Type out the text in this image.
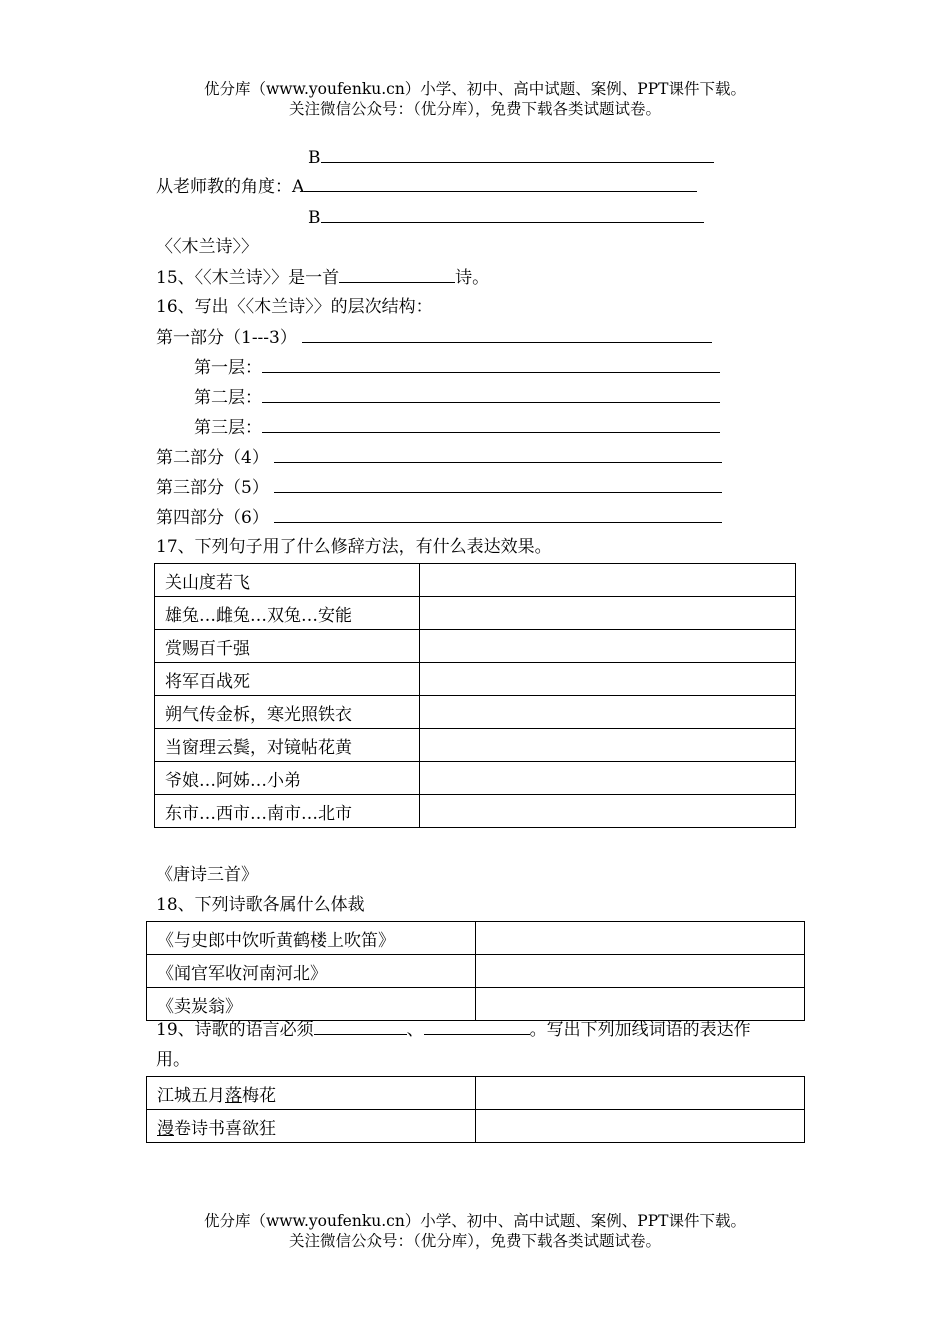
优分库（www.youfenku.cn）小学、初中、高中试题、案例、PPT课件下载。
关注微信公众号：（优分库），免费下载各类试题试卷。
B
从老师教的角度：A
B
〈〈木兰诗〉〉
15、〈〈木兰诗〉〉是一首	诗。
16、写出〈〈木兰诗〉〉的层次结构：
第一部分（1---3）
第一层：
第二层：
第三层：
第二部分（4）
第三部分（5）
第四部分（6）
17、下列句子用了什么修辞方法，有什么表达效果。
关山度若飞	
雄兔…雌兔…双兔…安能	
赏赐百千强	
将军百战死	
朔气传金柝，寒光照铁衣	
当窗理云鬓，对镜帖花黄	
爷娘…阿姊…小弟	
东市…西市…南市…北市	
《唐诗三首》
18、下列诗歌各属什么体裁
《与史郎中饮听黄鹤楼上吹笛》	
《闻官军收河南河北》	
《卖炭翁》	
19、诗歌的语言必须	、	。写出下列加线词语的表达作
用。
江城五月落梅花	
漫卷诗书喜欲狂	
优分库（www.youfenku.cn）小学、初中、高中试题、案例、PPT课件下载。
关注微信公众号：（优分库），免费下载各类试题试卷。
